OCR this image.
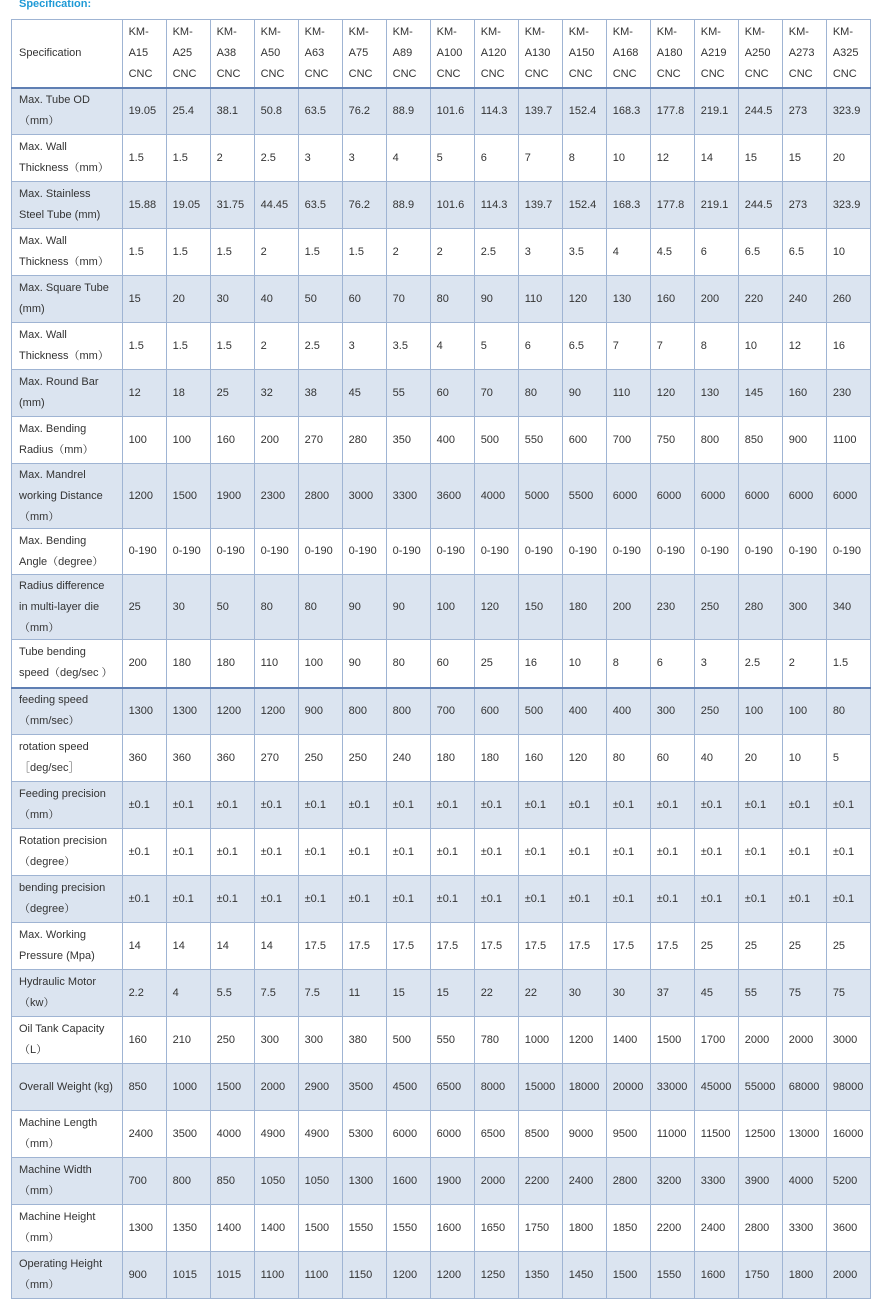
Specification:
Specification	KM-A15 CNC	KM-A25 CNC	KM-A38 CNC	KM-A50 CNC	KM-A63 CNC	KM-A75 CNC	KM-A89 CNC	KM-A100 CNC	KM-A120 CNC	KM-A130 CNC	KM-A150 CNC	KM-A168 CNC	KM-A180 CNC	KM-A219 CNC	KM-A250 CNC	KM-A273 CNC	KM-A325 CNC
Max. Tube OD（mm）	19.05	25.4	38.1	50.8	63.5	76.2	88.9	101.6	114.3	139.7	152.4	168.3	177.8	219.1	244.5	273	323.9
Max. Wall Thickness（mm）	1.5	1.5	2	2.5	3	3	4	5	6	7	8	10	12	14	15	15	20
Max. Stainless Steel Tube (mm)	15.88	19.05	31.75	44.45	63.5	76.2	88.9	101.6	114.3	139.7	152.4	168.3	177.8	219.1	244.5	273	323.9
Max. Wall Thickness（mm）	1.5	1.5	1.5	2	1.5	1.5	2	2	2.5	3	3.5	4	4.5	6	6.5	6.5	10
Max. Square Tube (mm)	15	20	30	40	50	60	70	80	90	110	120	130	160	200	220	240	260
Max. Wall Thickness（mm）	1.5	1.5	1.5	2	2.5	3	3.5	4	5	6	6.5	7	7	8	10	12	16
Max. Round Bar (mm)	12	18	25	32	38	45	55	60	70	80	90	110	120	130	145	160	230
Max. Bending Radius（mm）	100	100	160	200	270	280	350	400	500	550	600	700	750	800	850	900	1100
Max. Mandrel working Distance（mm）	1200	1500	1900	2300	2800	3000	3300	3600	4000	5000	5500	6000	6000	6000	6000	6000	6000
Max. Bending Angle（degree）	0-190	0-190	0-190	0-190	0-190	0-190	0-190	0-190	0-190	0-190	0-190	0-190	0-190	0-190	0-190	0-190	0-190
Radius difference in multi-layer die（mm）	25	30	50	80	80	90	90	100	120	150	180	200	230	250	280	300	340
Tube bending speed（deg/sec ）	200	180	180	110	100	90	80	60	25	16	10	8	6	3	2.5	2	1.5
feeding speed（mm/sec）	1300	1300	1200	1200	900	800	800	700	600	500	400	400	300	250	100	100	80
rotation speed［deg/sec］	360	360	360	270	250	250	240	180	180	160	120	80	60	40	20	10	5
Feeding precision（mm）	±0.1	±0.1	±0.1	±0.1	±0.1	±0.1	±0.1	±0.1	±0.1	±0.1	±0.1	±0.1	±0.1	±0.1	±0.1	±0.1	±0.1
Rotation precision（degree）	±0.1	±0.1	±0.1	±0.1	±0.1	±0.1	±0.1	±0.1	±0.1	±0.1	±0.1	±0.1	±0.1	±0.1	±0.1	±0.1	±0.1
bending precision（degree）	±0.1	±0.1	±0.1	±0.1	±0.1	±0.1	±0.1	±0.1	±0.1	±0.1	±0.1	±0.1	±0.1	±0.1	±0.1	±0.1	±0.1
Max. Working Pressure (Mpa)	14	14	14	14	17.5	17.5	17.5	17.5	17.5	17.5	17.5	17.5	17.5	25	25	25	25
Hydraulic Motor（kw）	2.2	4	5.5	7.5	7.5	11	15	15	22	22	30	30	37	45	55	75	75
Oil Tank Capacity（L）	160	210	250	300	300	380	500	550	780	1000	1200	1400	1500	1700	2000	2000	3000
Overall Weight (kg)	850	1000	1500	2000	2900	3500	4500	6500	8000	15000	18000	20000	33000	45000	55000	68000	98000
Machine Length（mm）	2400	3500	4000	4900	4900	5300	6000	6000	6500	8500	9000	9500	11000	11500	12500	13000	16000
Machine Width（mm）	700	800	850	1050	1050	1300	1600	1900	2000	2200	2400	2800	3200	3300	3900	4000	5200
Machine Height（mm）	1300	1350	1400	1400	1500	1550	1550	1600	1650	1750	1800	1850	2200	2400	2800	3300	3600
Operating Height（mm）	900	1015	1015	1100	1100	1150	1200	1200	1250	1350	1450	1500	1550	1600	1750	1800	2000
